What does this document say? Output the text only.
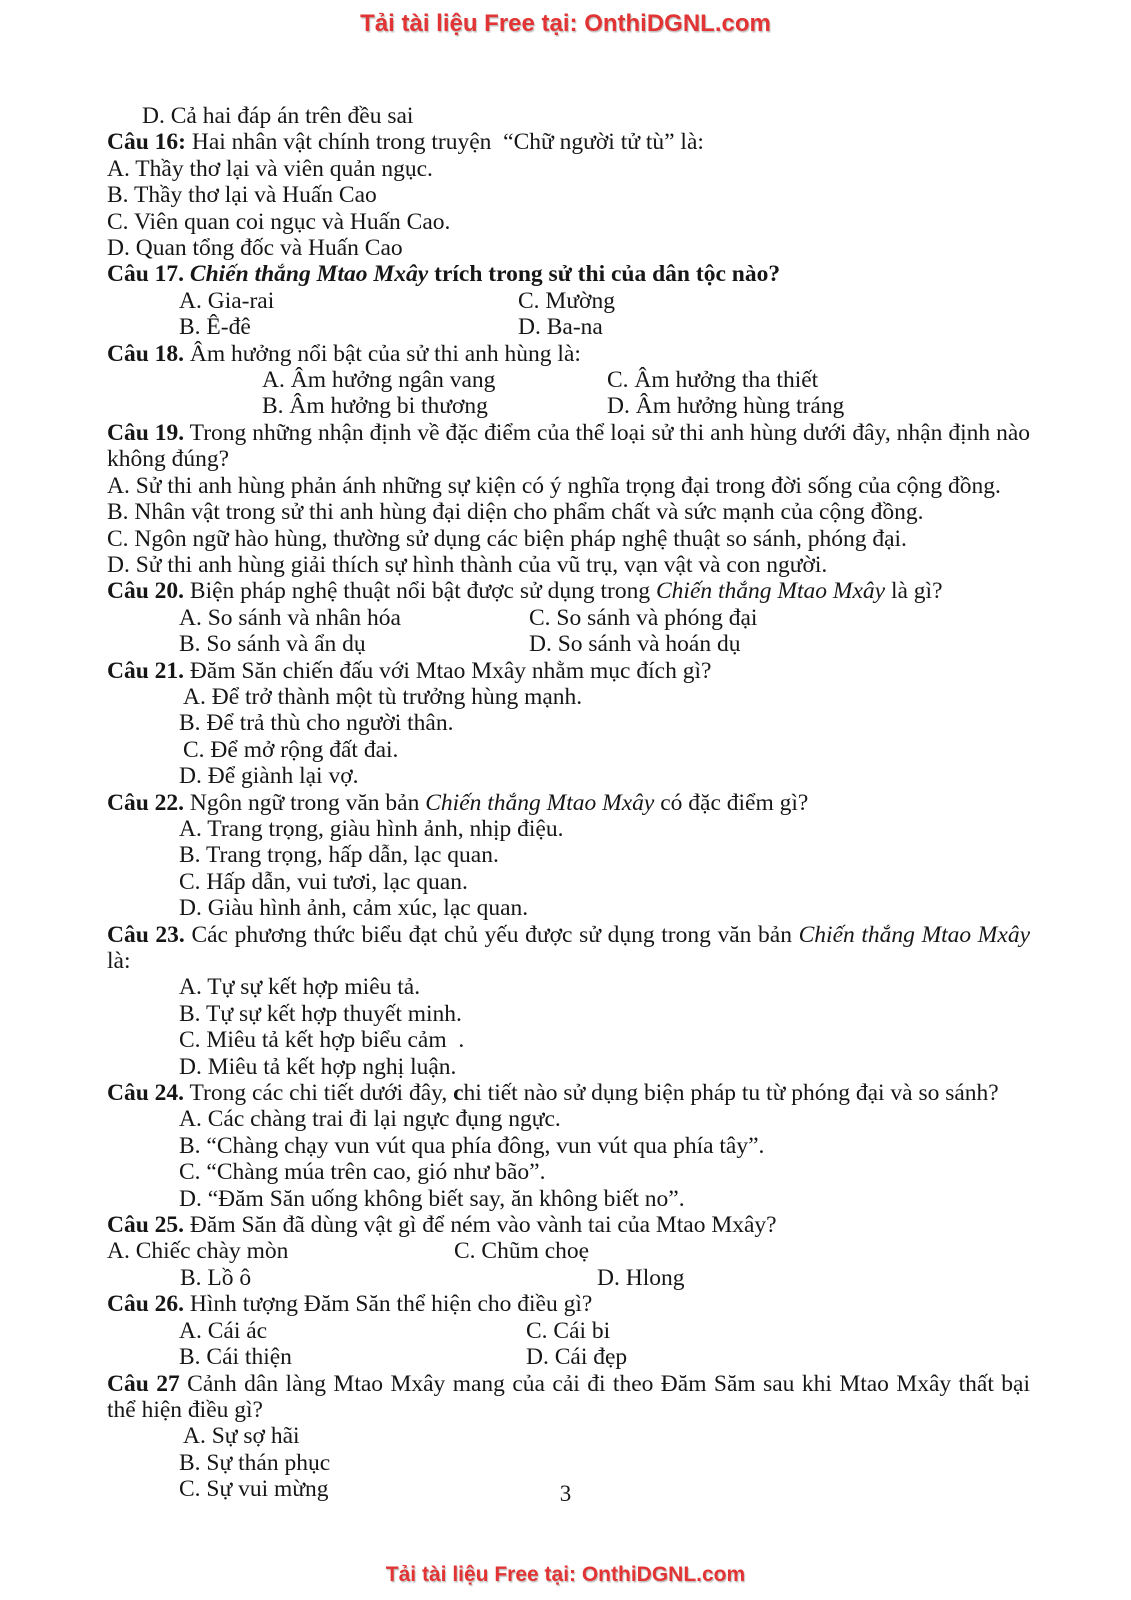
Tải tài liệu Free tại: OnthiDGNL.com
D. Cả hai đáp án trên đều sai
Câu 16: Hai nhân vật chính trong truyện  “Chữ người tử tù” là:
A. Thầy thơ lại và viên quản ngục.
B. Thầy thơ lại và Huấn Cao
C. Viên quan coi ngục và Huấn Cao.
D. Quan tổng đốc và Huấn Cao
Câu 17. Chiến thắng Mtao Mxây trích trong sử thi của dân tộc nào?
A. Gia-rai	C. Mường
B. Ê-đê	D. Ba-na
Câu 18. Âm hưởng nổi bật của sử thi anh hùng là:
A. Âm hưởng ngân vang	C. Âm hưởng tha thiết
B. Âm hưởng bi thương	D. Âm hưởng hùng tráng
Câu 19. Trong những nhận định về đặc điểm của thể loại sử thi anh hùng dưới đây, nhận định nào không đúng?
A. Sử thi anh hùng phản ánh những sự kiện có ý nghĩa trọng đại trong đời sống của cộng đồng.
B. Nhân vật trong sử thi anh hùng đại diện cho phẩm chất và sức mạnh của cộng đồng.
C. Ngôn ngữ hào hùng, thường sử dụng các biện pháp nghệ thuật so sánh, phóng đại.
D. Sử thi anh hùng giải thích sự hình thành của vũ trụ, vạn vật và con người.
Câu 20. Biện pháp nghệ thuật nổi bật được sử dụng trong Chiến thắng Mtao Mxây là gì?
A. So sánh và nhân hóa	C. So sánh và phóng đại
B. So sánh và ẩn dụ	D. So sánh và hoán dụ
Câu 21. Đăm Săn chiến đấu với Mtao Mxây nhằm mục đích gì?
A. Để trở thành một tù trưởng hùng mạnh.
B. Để trả thù cho người thân.
C. Để mở rộng đất đai.
D. Để giành lại vợ.
Câu 22. Ngôn ngữ trong văn bản Chiến thắng Mtao Mxây có đặc điểm gì?
A. Trang trọng, giàu hình ảnh, nhịp điệu.
B. Trang trọng, hấp dẫn, lạc quan.
C. Hấp dẫn, vui tươi, lạc quan.
D. Giàu hình ảnh, cảm xúc, lạc quan.
Câu 23. Các phương thức biểu đạt chủ yếu được sử dụng trong văn bản Chiến thắng Mtao Mxây là:
A. Tự sự kết hợp miêu tả.
B. Tự sự kết hợp thuyết minh.
C. Miêu tả kết hợp biểu cảm  .
D. Miêu tả kết hợp nghị luận.
Câu 24. Trong các chi tiết dưới đây, chi tiết nào sử dụng biện pháp tu từ phóng đại và so sánh?
A. Các chàng trai đi lại ngực đụng ngực.
B. “Chàng chạy vun vút qua phía đông, vun vút qua phía tây”.
C. “Chàng múa trên cao, gió như bão”.
D. “Đăm Săn uống không biết say, ăn không biết no”.
Câu 25. Đăm Săn đã dùng vật gì để ném vào vành tai của Mtao Mxây?
A. Chiếc chày mòn	C. Chũm choẹ
B. Lồ ô	D. Hlong
Câu 26. Hình tượng Đăm Săn thể hiện cho điều gì?
A. Cái ác	C. Cái bi
B. Cái thiện	D. Cái đẹp
Câu 27 Cảnh dân làng Mtao Mxây mang của cải đi theo Đăm Săm sau khi Mtao Mxây thất bại thể hiện điều gì?
A. Sự sợ hãi
B. Sự thán phục
C. Sự vui mừng	3
Tải tài liệu Free tại: OnthiDGNL.com
